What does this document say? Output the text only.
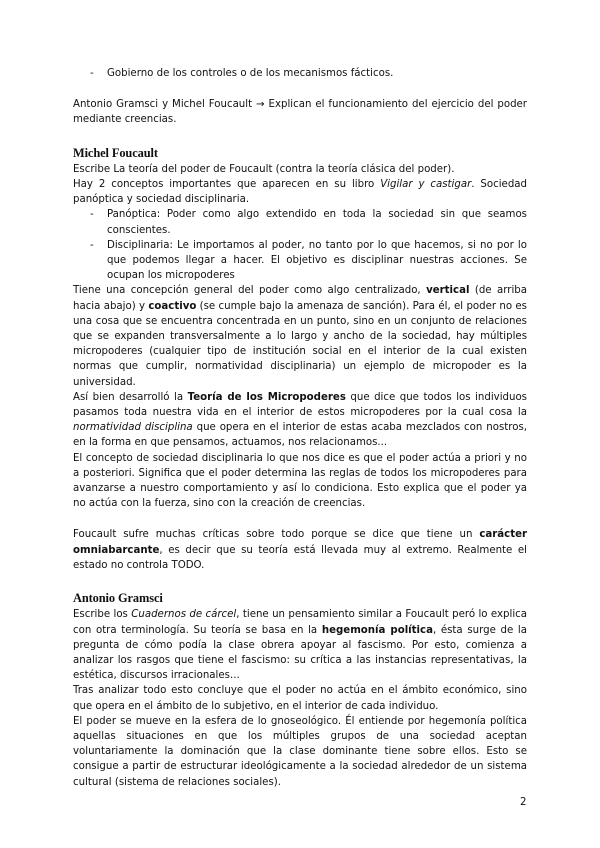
- Gobierno de los controles o de los mecanismos fácticos.

Antonio Gramsci y Michel Foucault → Explican el funcionamiento del ejercicio del poder mediante creencias.

Michel Foucault

Escribe La teoría del poder de Foucault (contra la teoría clásica del poder).

Hay 2 conceptos importantes que aparecen en su libro Vigilar y castigar. Sociedad panóptica y sociedad disciplinaria.

- Panóptica: Poder como algo extendido en toda la sociedad sin que seamos conscientes.
- Disciplinaria: Le importamos al poder, no tanto por lo que hacemos, si no por lo que podemos llegar a hacer. El objetivo es disciplinar nuestras acciones. Se ocupan los micropoderes

Tiene una concepción general del poder como algo centralizado, vertical (de arriba hacia abajo) y coactivo (se cumple bajo la amenaza de sanción). Para él, el poder no es una cosa que se encuentra concentrada en un punto, sino en un conjunto de relaciones que se expanden transversalmente a lo largo y ancho de la sociedad, hay múltiples micropoderes (cualquier tipo de institución social en el interior de la cual existen normas que cumplir, normatividad disciplinaria) un ejemplo de micropoder es la universidad.

Así bien desarrolló la Teoría de los Micropoderes que dice que todos los individuos pasamos toda nuestra vida en el interior de estos micropoderes por la cual cosa la normatividad disciplina que opera en el interior de estas acaba mezclados con nostros, en la forma en que pensamos, actuamos, nos relacionamos...

El concepto de sociedad disciplinaria lo que nos dice es que el poder actúa a priori y no a posteriori. Significa que el poder determina las reglas de todos los micropoderes para avanzarse a nuestro comportamiento y así lo condiciona. Esto explica que el poder ya no actúa con la fuerza, sino con la creación de creencias.

Foucault sufre muchas críticas sobre todo porque se dice que tiene un carácter omniabarcante, es decir que su teoría está llevada muy al extremo. Realmente el estado no controla TODO.

Antonio Gramsci

Escribe los Cuadernos de cárcel, tiene un pensamiento similar a Foucault peró lo explica con otra terminología. Su teoría se basa en la hegemonía política, ésta surge de la pregunta de cómo podía la clase obrera apoyar al fascismo. Por esto, comienza a analizar los rasgos que tiene el fascismo: su crítica a las instancias representativas, la estética, discursos irracionales...

Tras analizar todo esto concluye que el poder no actúa en el ámbito económico, sino que opera en el ámbito de lo subjetivo, en el interior de cada individuo.

El poder se mueve en la esfera de lo gnoseológico. Él entiende por hegemonía política aquellas situaciones en que los múltiples grupos de una sociedad aceptan voluntariamente la dominación que la clase dominante tiene sobre ellos. Esto se consigue a partir de estructurar ideológicamente a la sociedad alrededor de un sistema cultural (sistema de relaciones sociales).

2
